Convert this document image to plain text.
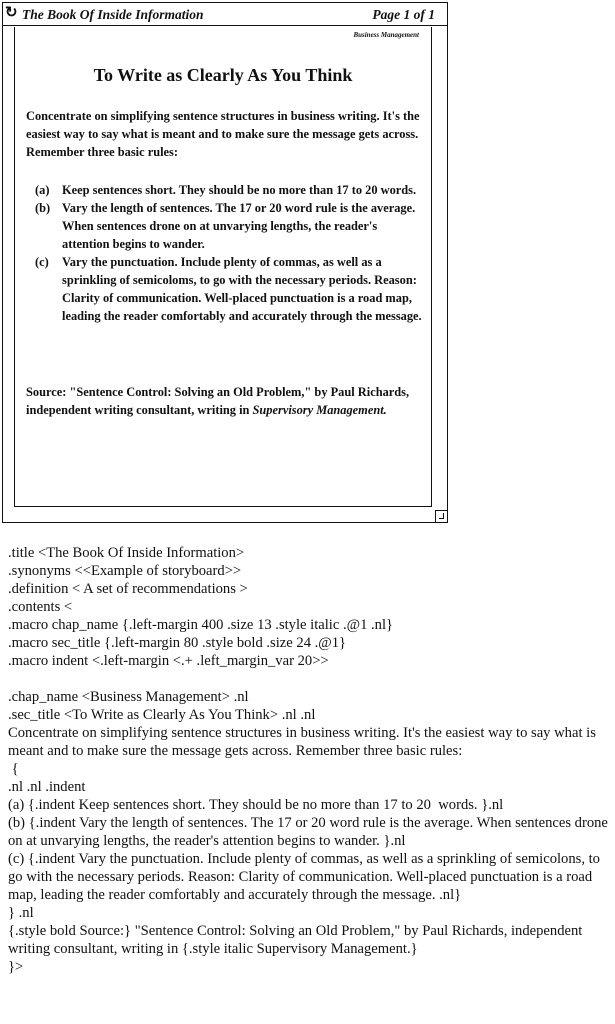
↻ The Book Of Inside Information	Page 1 of 1
Business Management
To Write as Clearly As You Think
Concentrate on simplifying sentence structures in business writing. It's the easiest way to say what is meant and to make sure the message gets across. Remember three basic rules:
(a)	Keep sentences short. They should be no more than 17 to 20 words.
(b) Vary the length of sentences. The 17 or 20 word rule is the average. When sentences drone on at unvarying lengths, the reader's attention begins to wander.
(c)	Vary the punctuation. Include plenty of commas, as well as a sprinkling of semicoloms, to go with the necessary periods. Reason: Clarity of communication. Well-placed punctuation is a road map, leading the reader comfortably and accurately through the message.
Source: "Sentence Control: Solving an Old Problem," by Paul Richards, independent writing consultant, writing in Supervisory Management.
.title <The Book Of Inside Information>
.synonyms <<Example of storyboard>>
.definition < A set of recommendations >
.contents <
.macro chap_name {.left-margin 400 .size 13 .style italic .@1 .nl}
.macro sec_title {.left-margin 80 .style bold .size 24 .@1}
.macro indent <.left-margin <.+ .left_margin_var 20>>
.chap_name <Business Management> .nl
.sec_title <To Write as Clearly As You Think> .nl .nl
Concentrate on simplifying sentence structures in business writing. It's the easiest way to say what is meant and to make sure the message gets across. Remember three basic rules:
{
.nl .nl .indent
(a) {.indent Keep sentences short. They should be no more than 17 to 20  words. }.nl
(b) {.indent Vary the length of sentences. The 17 or 20 word rule is the average. When sentences drone on at unvarying lengths, the reader's attention begins to wander. }.nl
(c) {.indent Vary the punctuation. Include plenty of commas, as well as a sprinkling of semicolons, to go with the necessary periods. Reason: Clarity of communication. Well-placed punctuation is a road map, leading the reader comfortably and accurately through the message. .nl}
} .nl
{.style bold Source:} "Sentence Control: Solving an Old Problem," by Paul Richards, independent writing consultant, writing in {.style italic Supervisory Management.}
}>
